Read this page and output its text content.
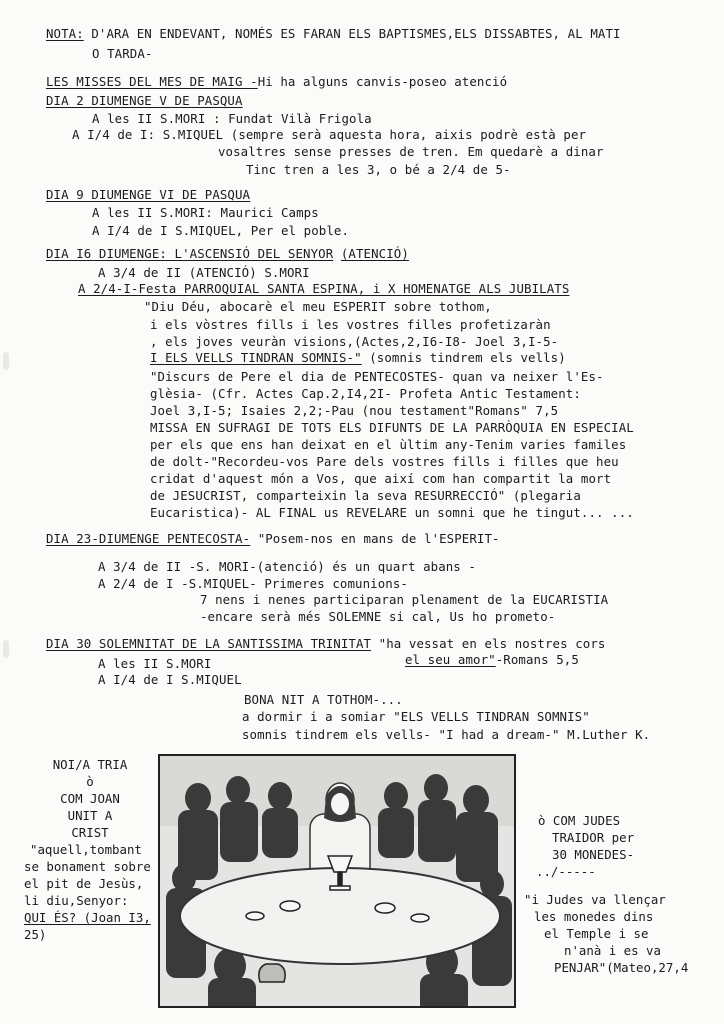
NOTA: D'ARA EN ENDEVANT, NOMÉS ES FARAN ELS BAPTISMES,ELS DISSABTES, AL MATI
O TARDA-
LES MISSES DEL MES DE MAIG -Hi ha alguns canvis-poseo atenció
DIA 2 DIUMENGE V DE PASQUA
A les II S.MORI : Fundat Vilà Frigola
A I/4 de I: S.MIQUEL (sempre serà aquesta hora, aixis podrè està per
vosaltres sense presses de tren. Em quedarè a dinar
Tinc tren a les 3, o bé a 2/4 de 5-
DIA 9 DIUMENGE VI DE PASQUA
A les II S.MORI: Maurici Camps
A I/4 de I S.MIQUEL, Per el poble.
DIA I6 DIUMENGE: L'ASCENSIÓ DEL SENYOR (ATENCIÓ)
A 3/4 de II (ATENCIÓ) S.MORI
A 2/4-I-Festa PARROQUIAL SANTA ESPINA, i X HOMENATGE ALS JUBILATS
"Diu Déu, abocarè el meu ESPERIT sobre tothom,
i els vòstres fills i les vostres filles profetizaràn
, els joves veuràn visions,(Actes,2,I6-I8- Joel 3,I-5-
I ELS VELLS TINDRAN SOMNIS-" (somnis tindrem els vells)
"Discurs de Pere el dia de PENTECOSTES- quan va neixer l'Es-
glèsia- (Cfr. Actes Cap.2,I4,2I- Profeta Antic Testament:
Joel 3,I-5; Isaies 2,2;-Pau (nou testament"Romans" 7,5
MISSA EN SUFRAGI DE TOTS ELS DIFUNTS DE LA PARRÒQUIA EN ESPECIAL
per els que ens han deixat en el ùltim any-Tenim varies familes
de dolt-"Recordeu-vos Pare dels vostres fills i filles que heu
cridat d'aquest món a Vos, que així com han compartit la mort
de JESUCRIST, comparteixin la seva RESURRECCIÓ" (plegaria
Eucaristica)- AL FINAL us REVELARE un somni que he tingut... ...
DIA 23-DIUMENGE PENTECOSTA- "Posem-nos en mans de l'ESPERIT-
A 3/4 de II -S. MORI-(atenció) és un quart abans -
A 2/4 de I -S.MIQUEL- Primeres comunions-
7 nens i nenes participaran plenament de la EUCARISTIA
-encare serà més SOLEMNE si cal, Us ho prometo-
DIA 30 SOLEMNITAT DE LA SANTISSIMA TRINITAT "ha vessat en els nostres cors
el seu amor"-Romans 5,5
A les II S.MORI
A I/4 de I S.MIQUEL
BONA NIT A TOTHOM-...
a dormir i a somiar "ELS VELLS TINDRAN SOMNIS"
somnis tindrem els vells- "I had a dream-" M.Luther K.
NOI/A TRIA
ò
COM JOAN
UNIT A
CRIST
"aquell,tombant
se bonament sobre
el pit de Jesùs,
li diu,Senyor:
QUI ÉS? (Joan I3,
25)
ò COM JUDES
TRAIDOR per
30 MONEDES-
../-----
"i Judes va llençar
les monedes dins
el Temple i se
n'anà i es va
PENJAR"(Mateo,27,4
